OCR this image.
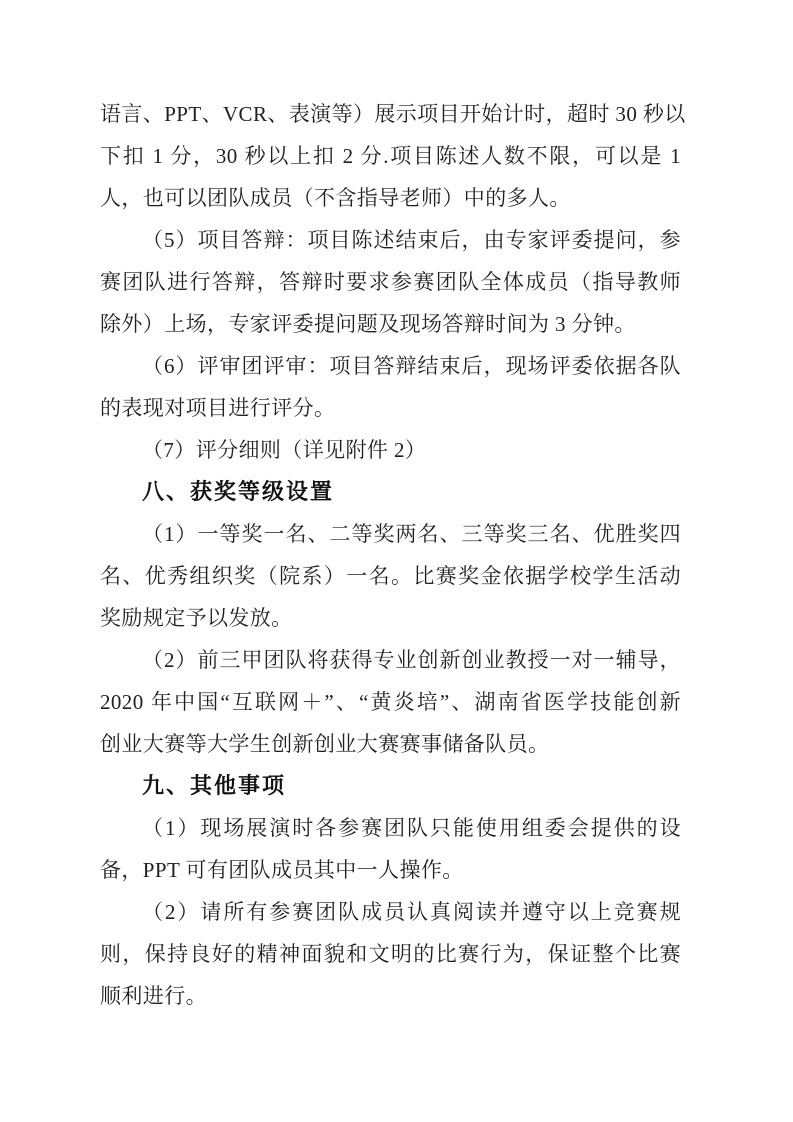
语言、PPT、VCR、表演等）展示项目开始计时，超时 30 秒以
下扣 1 分，30 秒以上扣 2 分.项目陈述人数不限，可以是 1
人，也可以团队成员（不含指导老师）中的多人。
（5）项目答辩：项目陈述结束后，由专家评委提问，参
赛团队进行答辩，答辩时要求参赛团队全体成员（指导教师
除外）上场，专家评委提问题及现场答辩时间为 3 分钟。
（6）评审团评审：项目答辩结束后，现场评委依据各队
的表现对项目进行评分。
（7）评分细则（详见附件 2）
八、获奖等级设置
（1）一等奖一名、二等奖两名、三等奖三名、优胜奖四
名、优秀组织奖（院系）一名。比赛奖金依据学校学生活动
奖励规定予以发放。
（2）前三甲团队将获得专业创新创业教授一对一辅导，
2020 年中国“互联网＋”、“黄炎培”、湖南省医学技能创新
创业大赛等大学生创新创业大赛赛事储备队员。
九、其他事项
（1）现场展演时各参赛团队只能使用组委会提供的设
备，PPT 可有团队成员其中一人操作。
（2）请所有参赛团队成员认真阅读并遵守以上竞赛规
则，保持良好的精神面貌和文明的比赛行为，保证整个比赛
顺利进行。
